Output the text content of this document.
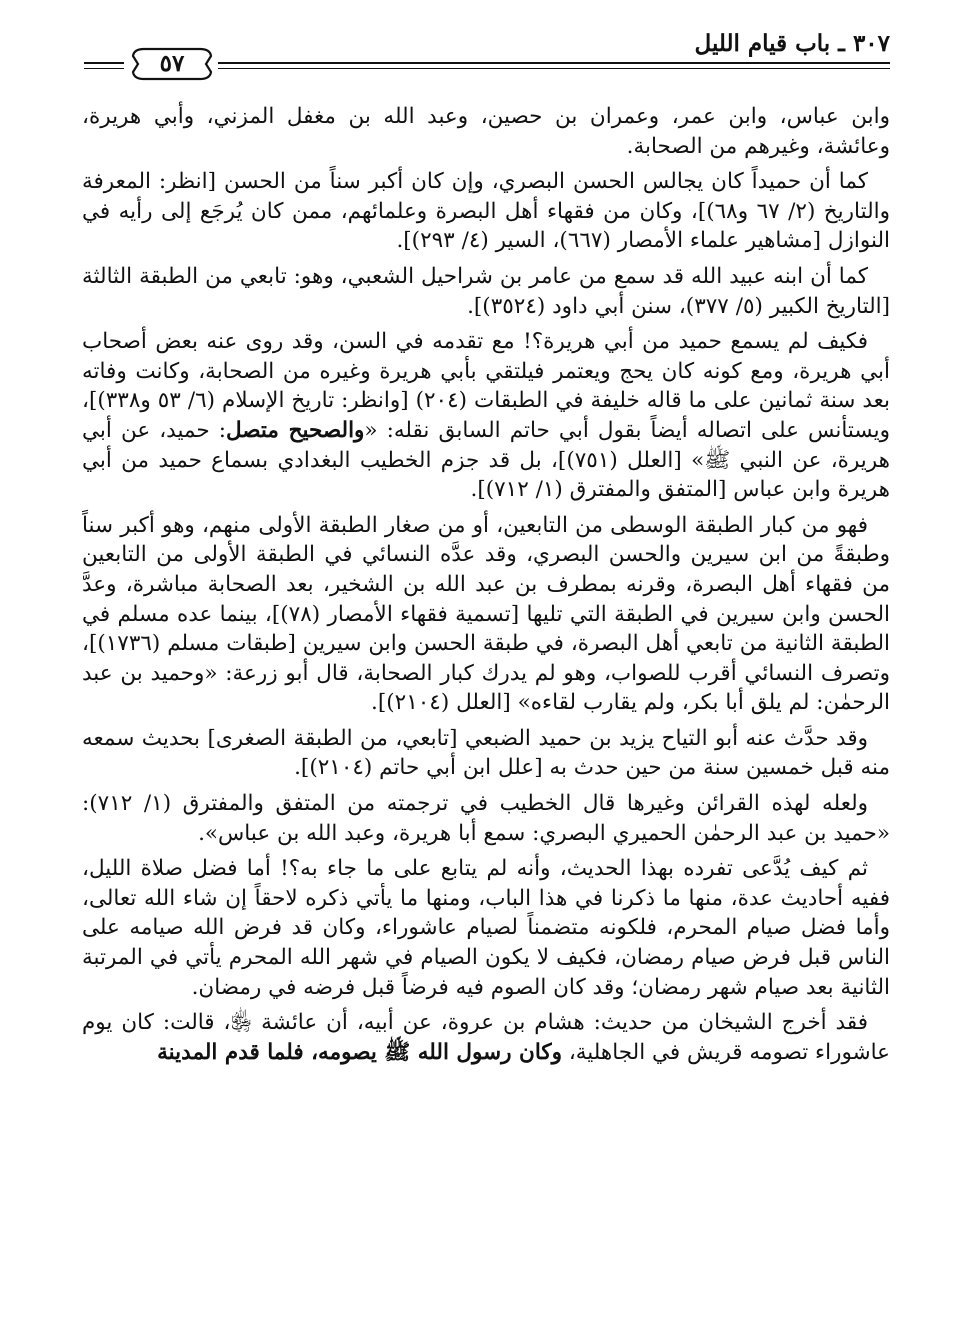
٣٠٧ ـ باب قيام الليل
٥٧

وابن عباس، وابن عمر، وعمران بن حصين، وعبد الله بن مغفل المزني، وأبي هريرة، وعائشة، وغيرهم من الصحابة.

كما أن حميداً كان يجالس الحسن البصري، وإن كان أكبر سناً من الحسن [انظر: المعرفة والتاريخ (٢/ ٦٧ و٦٨)]، وكان من فقهاء أهل البصرة وعلمائهم، ممن كان يُرجَع إلى رأيه في النوازل [مشاهير علماء الأمصار (٦٦٧)، السير (٤/ ٢٩٣)].

كما أن ابنه عبيد الله قد سمع من عامر بن شراحيل الشعبي، وهو: تابعي من الطبقة الثالثة [التاريخ الكبير (٥/ ٣٧٧)، سنن أبي داود (٣٥٢٤)].

فكيف لم يسمع حميد من أبي هريرة؟! مع تقدمه في السن، وقد روى عنه بعض أصحاب أبي هريرة، ومع كونه كان يحج ويعتمر فيلتقي بأبي هريرة وغيره من الصحابة، وكانت وفاته بعد سنة ثمانين على ما قاله خليفة في الطبقات (٢٠٤) [وانظر: تاريخ الإسلام (٦/ ٥٣ و٣٣٨)]، ويستأنس على اتصاله أيضاً بقول أبي حاتم السابق نقله: «والصحيح متصل: حميد، عن أبي هريرة، عن النبي ﷺ» [العلل (٧٥١)]، بل قد جزم الخطيب البغدادي بسماع حميد من أبي هريرة وابن عباس [المتفق والمفترق (١/ ٧١٢)].

فهو من كبار الطبقة الوسطى من التابعين، أو من صغار الطبقة الأولى منهم، وهو أكبر سناً وطبقةً من ابن سيرين والحسن البصري، وقد عدَّه النسائي في الطبقة الأولى من التابعين من فقهاء أهل البصرة، وقرنه بمطرف بن عبد الله بن الشخير، بعد الصحابة مباشرة، وعدَّ الحسن وابن سيرين في الطبقة التي تليها [تسمية فقهاء الأمصار (٧٨)]، بينما عده مسلم في الطبقة الثانية من تابعي أهل البصرة، في طبقة الحسن وابن سيرين [طبقات مسلم (١٧٣٦)]، وتصرف النسائي أقرب للصواب، وهو لم يدرك كبار الصحابة، قال أبو زرعة: «وحميد بن عبد الرحمٰن: لم يلق أبا بكر، ولم يقارب لقاءه» [العلل (٢١٠٤)].

وقد حدَّث عنه أبو التياح يزيد بن حميد الضبعي [تابعي، من الطبقة الصغرى] بحديث سمعه منه قبل خمسين سنة من حين حدث به [علل ابن أبي حاتم (٢١٠٤)].

ولعله لهذه القرائن وغيرها قال الخطيب في ترجمته من المتفق والمفترق (١/ ٧١٢): «حميد بن عبد الرحمٰن الحميري البصري: سمع أبا هريرة، وعبد الله بن عباس».

ثم كيف يُدَّعى تفرده بهذا الحديث، وأنه لم يتابع على ما جاء به؟! أما فضل صلاة الليل، ففيه أحاديث عدة، منها ما ذكرنا في هذا الباب، ومنها ما يأتي ذكره لاحقاً إن شاء الله تعالى، وأما فضل صيام المحرم، فلكونه متضمناً لصيام عاشوراء، وكان قد فرض الله صيامه على الناس قبل فرض صيام رمضان، فكيف لا يكون الصيام في شهر الله المحرم يأتي في المرتبة الثانية بعد صيام شهر رمضان؛ وقد كان الصوم فيه فرضاً قبل فرضه في رمضان.

فقد أخرج الشيخان من حديث: هشام بن عروة، عن أبيه، أن عائشة ﵂، قالت: كان يوم عاشوراء تصومه قريش في الجاهلية، وكان رسول الله ﷺ يصومه، فلما قدم المدينة
